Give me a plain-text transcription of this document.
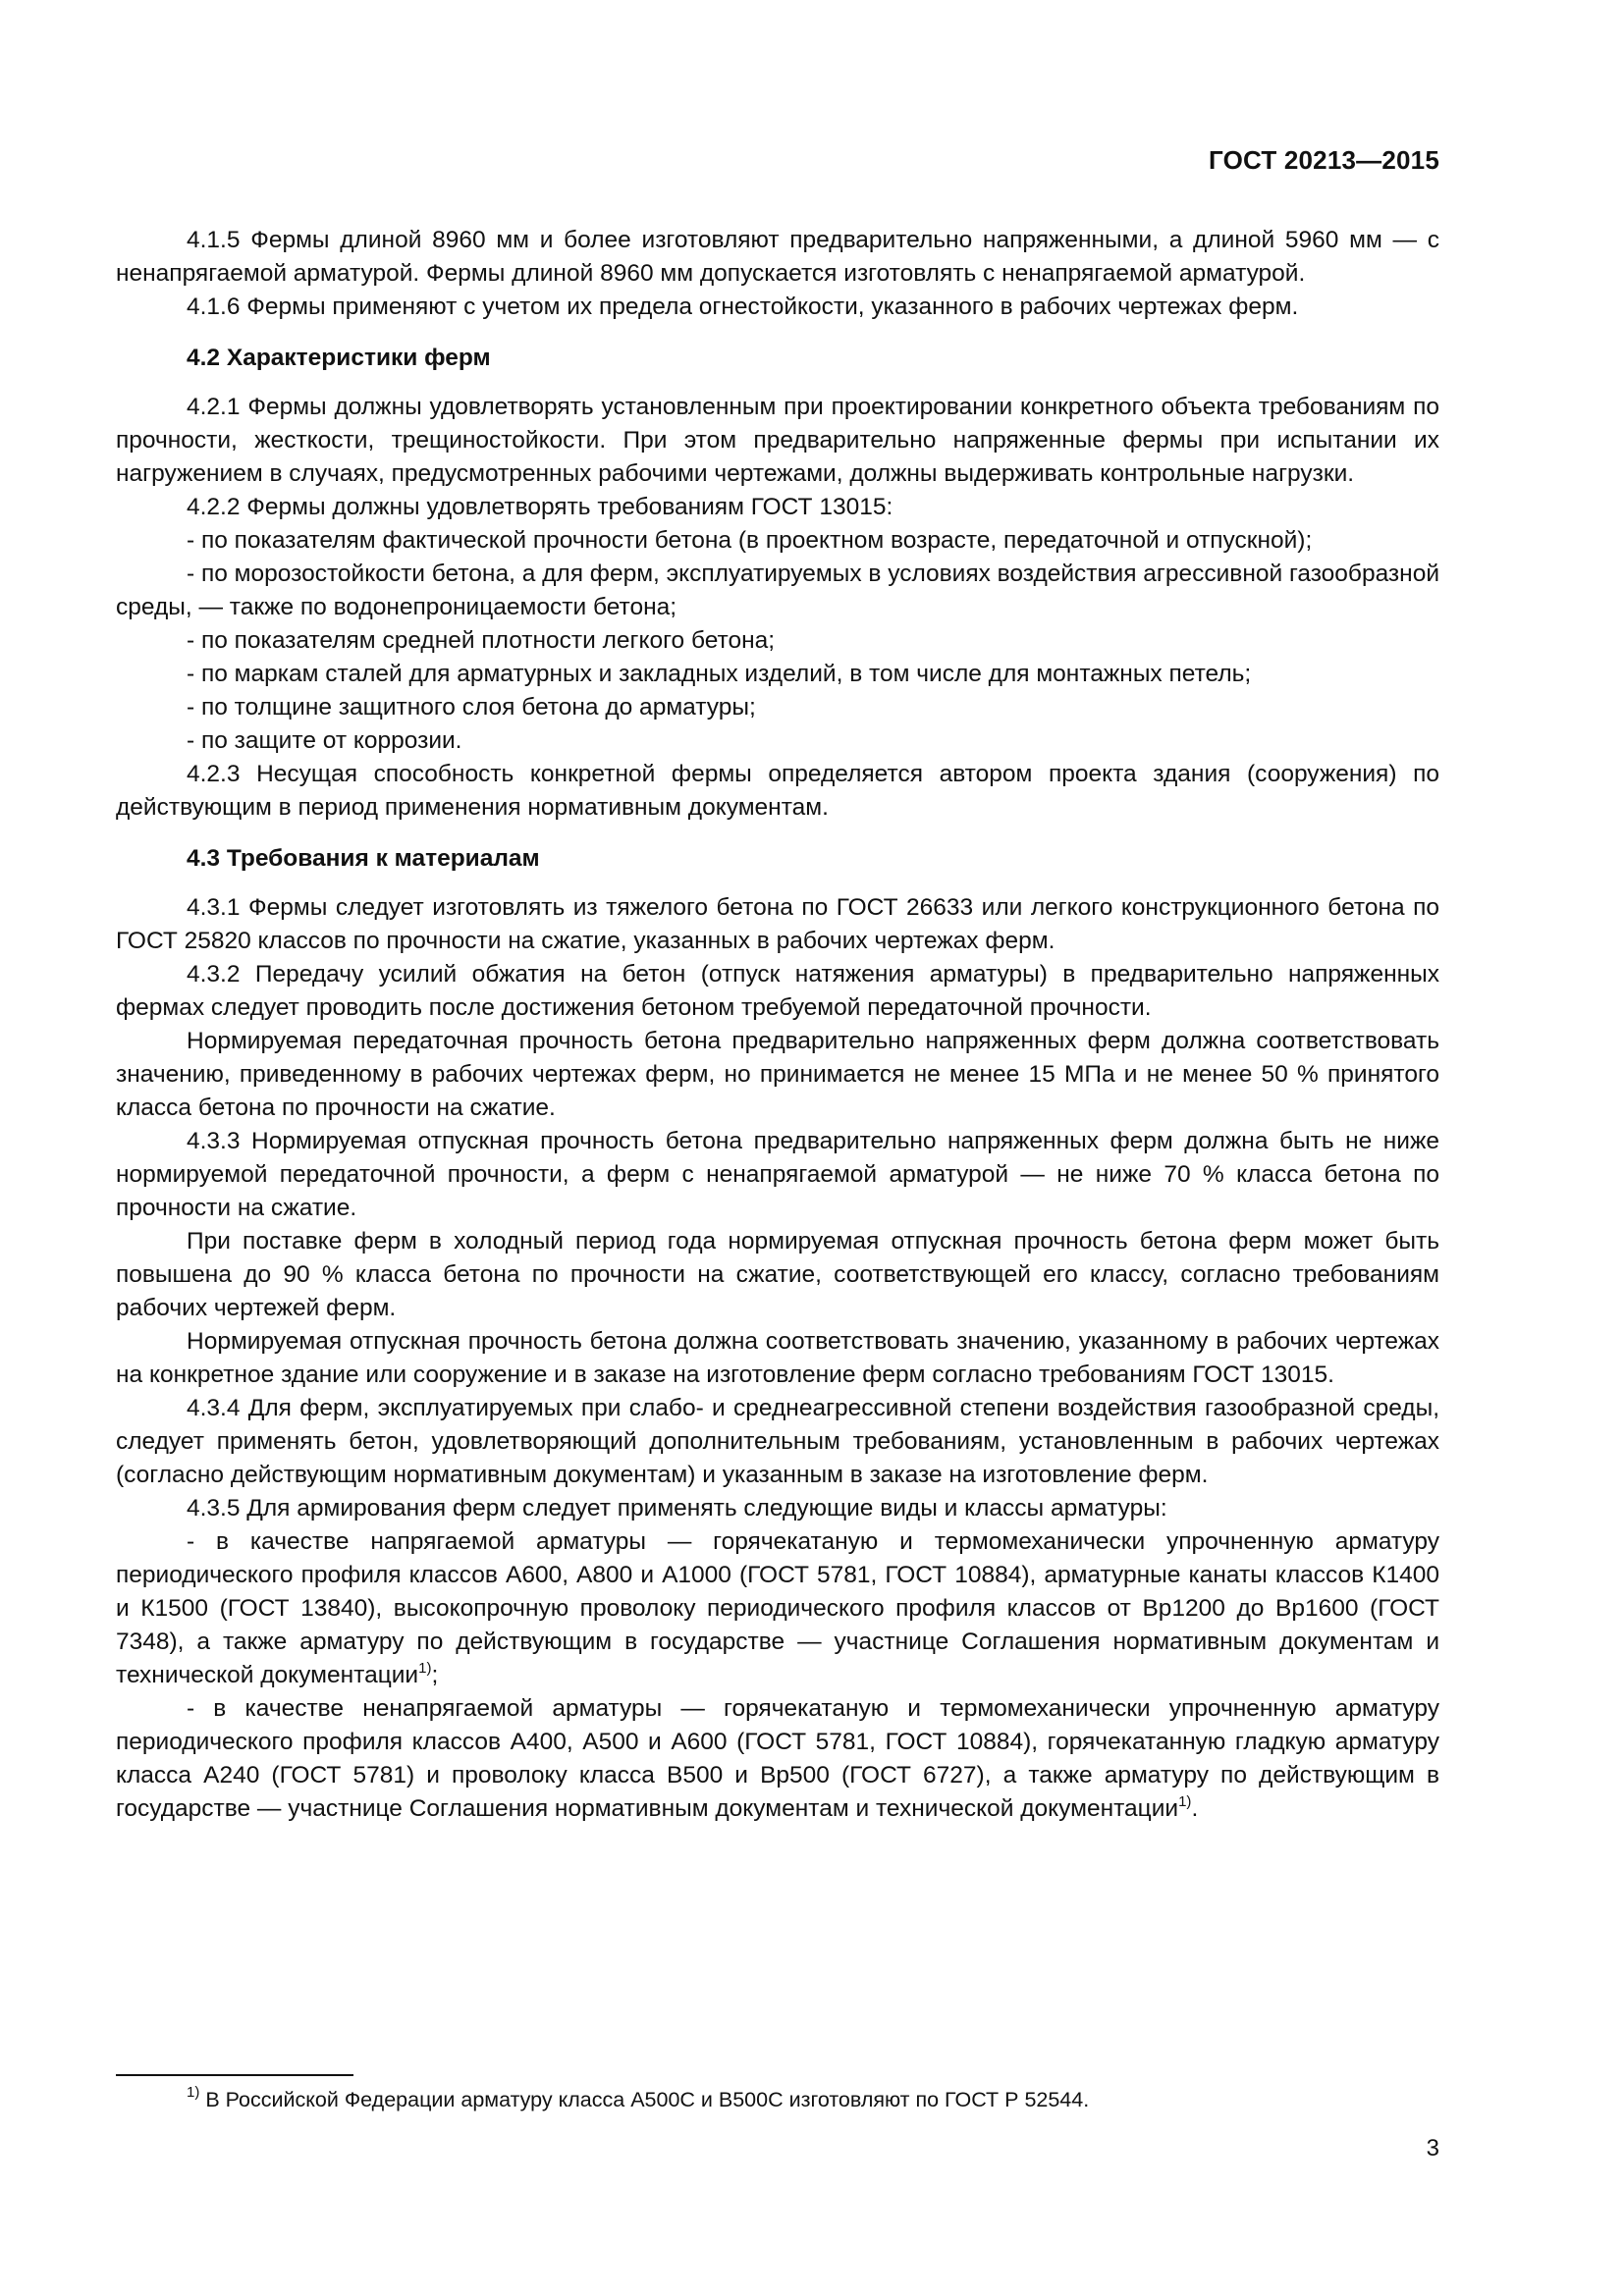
ГОСТ 20213—2015

4.1.5 Фермы длиной 8960 мм и более изготовляют предварительно напряженными, а длиной 5960 мм — с ненапрягаемой арматурой. Фермы длиной 8960 мм допускается изготовлять с ненапрягаемой арматурой.

4.1.6 Фермы применяют с учетом их предела огнестойкости, указанного в рабочих чертежах ферм.

4.2 Характеристики ферм

4.2.1 Фермы должны удовлетворять установленным при проектировании конкретного объекта требованиям по прочности, жесткости, трещиностойкости. При этом предварительно напряженные фермы при испытании их нагружением в случаях, предусмотренных рабочими чертежами, должны выдерживать контрольные нагрузки.

4.2.2 Фермы должны удовлетворять требованиям ГОСТ 13015:

- по показателям фактической прочности бетона (в проектном возрасте, передаточной и отпускной);

- по морозостойкости бетона, а для ферм, эксплуатируемых в условиях воздействия агрессивной газообразной среды, — также по водонепроницаемости бетона;

- по показателям средней плотности легкого бетона;

- по маркам сталей для арматурных и закладных изделий, в том числе для монтажных петель;

- по толщине защитного слоя бетона до арматуры;

- по защите от коррозии.

4.2.3 Несущая способность конкретной фермы определяется автором проекта здания (сооружения) по действующим в период применения нормативным документам.

4.3 Требования к материалам

4.3.1 Фермы следует изготовлять из тяжелого бетона по ГОСТ 26633 или легкого конструкционного бетона по ГОСТ 25820 классов по прочности на сжатие, указанных в рабочих чертежах ферм.

4.3.2 Передачу усилий обжатия на бетон (отпуск натяжения арматуры) в предварительно напряженных фермах следует проводить после достижения бетоном требуемой передаточной прочности.

Нормируемая передаточная прочность бетона предварительно напряженных ферм должна соответствовать значению, приведенному в рабочих чертежах ферм, но принимается не менее 15 МПа и не менее 50 % принятого класса бетона по прочности на сжатие.

4.3.3 Нормируемая отпускная прочность бетона предварительно напряженных ферм должна быть не ниже нормируемой передаточной прочности, а ферм с ненапрягаемой арматурой — не ниже 70 % класса бетона по прочности на сжатие.

При поставке ферм в холодный период года нормируемая отпускная прочность бетона ферм может быть повышена до 90 % класса бетона по прочности на сжатие, соответствующей его классу, согласно требованиям рабочих чертежей ферм.

Нормируемая отпускная прочность бетона должна соответствовать значению, указанному в рабочих чертежах на конкретное здание или сооружение и в заказе на изготовление ферм согласно требованиям ГОСТ 13015.

4.3.4 Для ферм, эксплуатируемых при слабо- и среднеагрессивной степени воздействия газообразной среды, следует применять бетон, удовлетворяющий дополнительным требованиям, установленным в рабочих чертежах (согласно действующим нормативным документам) и указанным в заказе на изготовление ферм.

4.3.5 Для армирования ферм следует применять следующие виды и классы арматуры:

- в качестве напрягаемой арматуры — горячекатаную и термомеханически упрочненную арматуру периодического профиля классов А600, А800 и А1000 (ГОСТ 5781, ГОСТ 10884), арматурные канаты классов К1400 и К1500 (ГОСТ 13840), высокопрочную проволоку периодического профиля классов от Вр1200 до Вр1600 (ГОСТ 7348), а также арматуру по действующим в государстве — участнице Соглашения нормативным документам и технической документации$^{1)}$;

- в качестве ненапрягаемой арматуры — горячекатаную и термомеханически упрочненную арматуру периодического профиля классов А400, А500 и А600 (ГОСТ 5781, ГОСТ 10884), горячекатанную гладкую арматуру класса А240 (ГОСТ 5781) и проволоку класса В500 и Вр500 (ГОСТ 6727), а также арматуру по действующим в государстве — участнице Соглашения нормативным документам и технической документации$^{1)}$.

$^{1)}$ В Российской Федерации арматуру класса А500С и В500С изготовляют по ГОСТ Р 52544.
3
